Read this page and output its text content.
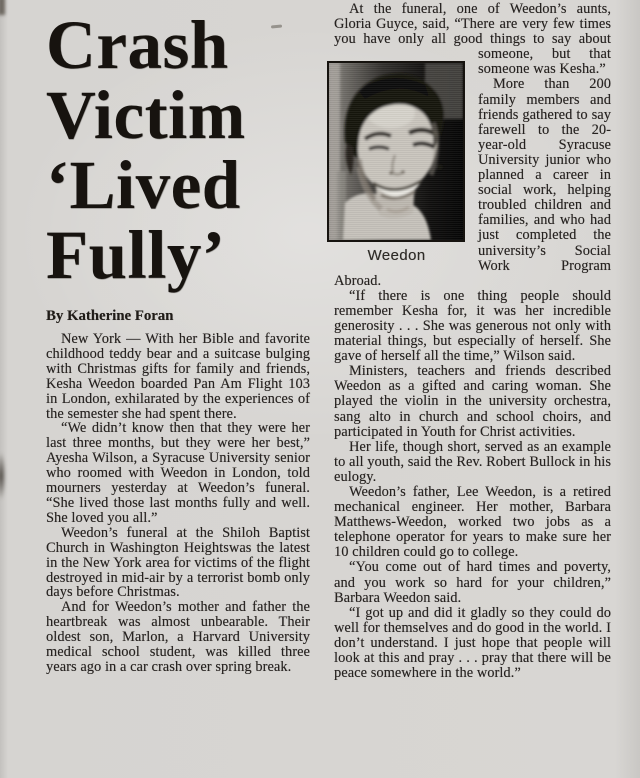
Crash
Victim
‘Lived
Fully’
By Katherine Foran

New York — With her Bible and favorite childhood teddy bear and a suitcase bulging with Christmas gifts for family and friends, Kesha Weedon boarded Pan Am Flight 103 in London, exhilarated by the experiences of the semester she had spent there.

“We didn’t know then that they were her last three months, but they were her best,” Ayesha Wilson, a Syracuse University senior who roomed with Weedon in London, told mourners yesterday at Weedon’s funeral. “She lived those last months fully and well. She loved you all.”

Weedon’s funeral at the Shiloh Baptist Church in Washington Heightswas the latest in the New York area for victims of the flight destroyed in mid-air by a terrorist bomb only days before Christmas.

And for Weedon’s mother and father the heartbreak was almost unbearable. Their oldest son, Marlon, a Harvard University medical school student, was killed three years ago in a car crash over spring break.

At the funeral, one of Weedon’s aunts, Gloria Guyce, said, “There are very few times you have only all good
Weedon
things to say about someone, but that someone was Kesha.”

More than 200 family members and friends gathered to say farewell to the 20-year-old Syracuse University junior who planned a career in social work, helping troubled children and families, and who had just completed the university’s Social Work Program Abroad.

“If there is one thing people should remember Kesha for, it was her incredible generosity . . . She was generous not only with material things, but especially of herself. She gave of herself all the time,” Wilson said.

Ministers, teachers and friends described Weedon as a gifted and caring woman. She played the violin in the university orchestra, sang alto in church and school choirs, and participated in Youth for Christ activities.

Her life, though short, served as an example to all youth, said the Rev. Robert Bullock in his eulogy.

Weedon’s father, Lee Weedon, is a retired mechanical engineer. Her mother, Barbara Matthews-Weedon, worked two jobs as a telephone operator for years to make sure her 10 children could go to college.

“You come out of hard times and poverty, and you work so hard for your children,” Barbara Weedon said.

“I got up and did it gladly so they could do well for themselves and do good in the world. I don’t understand. I just hope that people will look at this and pray . . . pray that there will be peace somewhere in the world.”
